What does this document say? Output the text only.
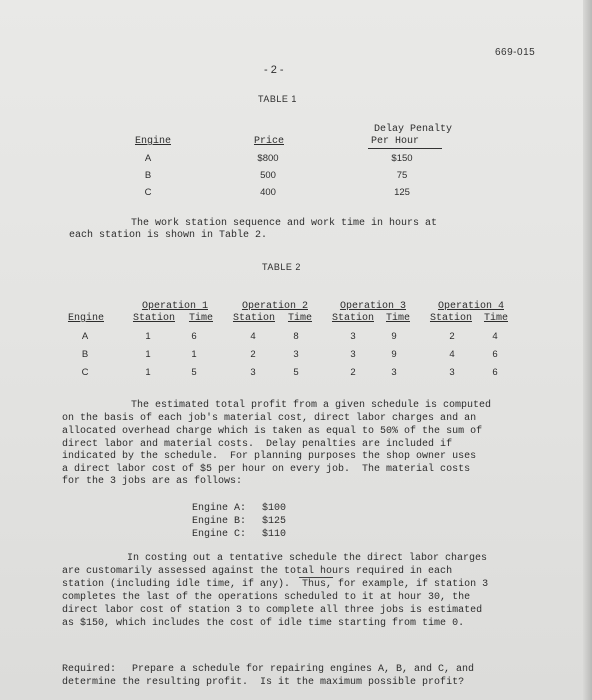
669-015
- 2 -
TABLE 1
Engine	Price
Delay Penalty
Per Hour
A	$800	$150
B	500	75
C	400	125
The work station sequence and work time in hours at
each station is shown in Table 2.
TABLE 2
Engine
Operation 1	Operation 2	Operation 3	Operation 4
Station	Time	Station	Time	Station	Time	Station	Time
A	1	6	4	8	3	9	2	4
B	1	1	2	3	3	9	4	6
C	1	5	3	5	2	3	3	6
The estimated total profit from a given schedule is computed
on the basis of each job's material cost, direct labor charges and an
allocated overhead charge which is taken as equal to 50% of the sum of
direct labor and material costs.  Delay penalties are included if
indicated by the schedule.  For planning purposes the shop owner uses
a direct labor cost of $5 per hour on every job.  The material costs
for the 3 jobs are as follows:
Engine A: $100
Engine B: $125
Engine C: $110
In costing out a tentative schedule the direct labor charges
are customarily assessed against the total hours required in each
station (including idle time, if any).  Thus, for example, if station 3
completes the last of the operations scheduled to it at hour 30, the
direct labor cost of station 3 to complete all three jobs is estimated
as $150, which includes the cost of idle time starting from time 0.
Required: Prepare a schedule for repairing engines A, B, and C, and
determine the resulting profit.  Is it the maximum possible profit?
